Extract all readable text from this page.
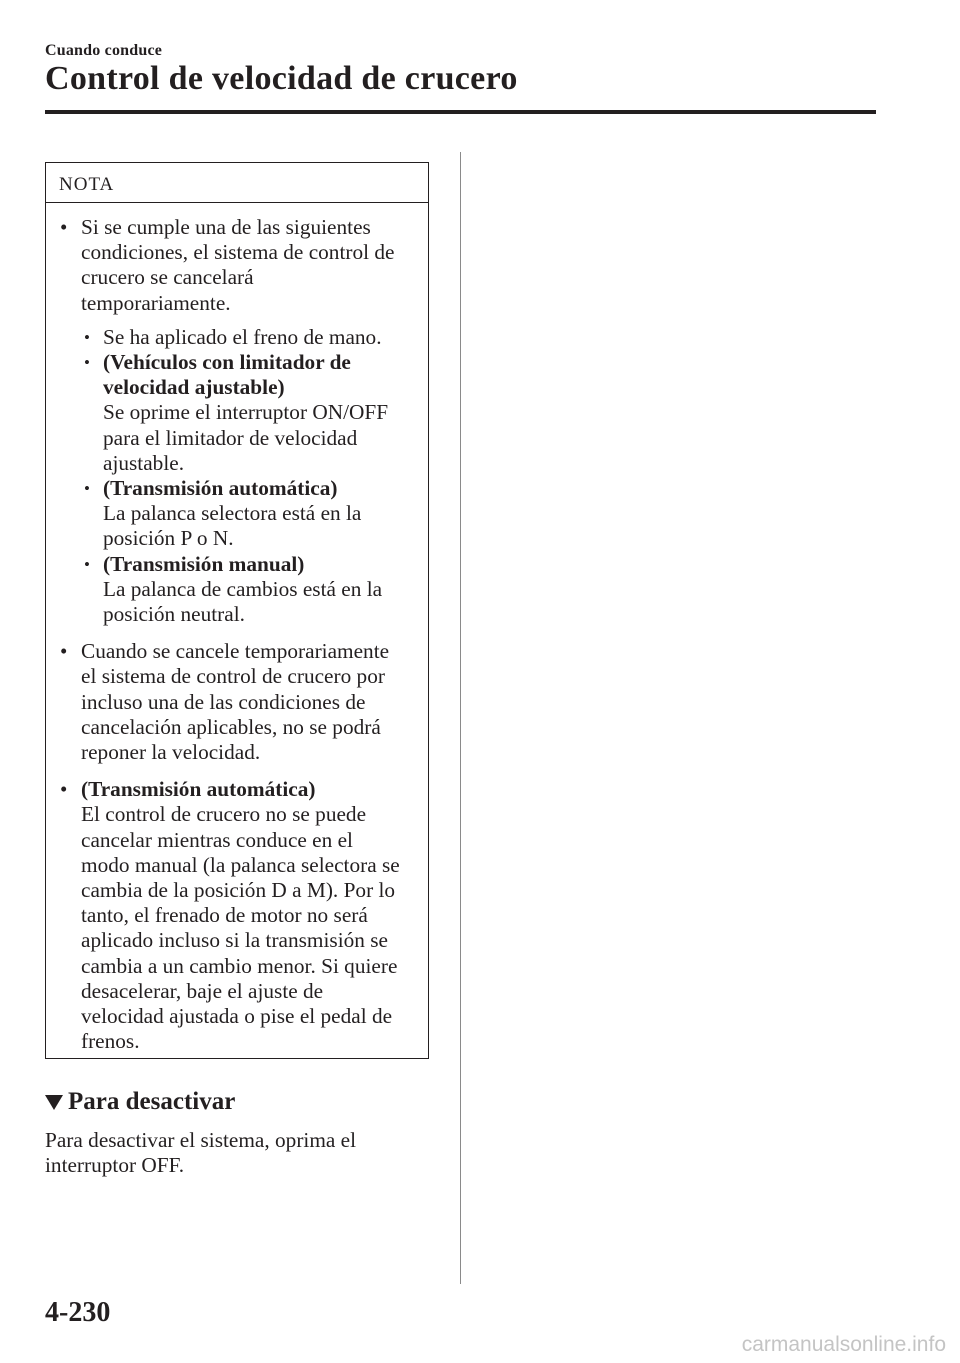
Cuando conduce
Control de velocidad de crucero
NOTA
• Si se cumple una de las siguientes
condiciones, el sistema de control de
crucero se cancelará
temporariamente.
• Se ha aplicado el freno de mano.
• (Vehículos con limitador de
velocidad ajustable)
Se oprime el interruptor ON/OFF
para el limitador de velocidad
ajustable.
• (Transmisión automática)
La palanca selectora está en la
posición P o N.
• (Transmisión manual)
La palanca de cambios está en la
posición neutral.
• Cuando se cancele temporariamente
el sistema de control de crucero por
incluso una de las condiciones de
cancelación aplicables, no se podrá
reponer la velocidad.
• (Transmisión automática)
El control de crucero no se puede
cancelar mientras conduce en el
modo manual (la palanca selectora se
cambia de la posición D a M). Por lo
tanto, el frenado de motor no será
aplicado incluso si la transmisión se
cambia a un cambio menor. Si quiere
desacelerar, baje el ajuste de
velocidad ajustada o pise el pedal de
frenos.
Para desactivar
Para desactivar el sistema, oprima el
interruptor OFF.
4-230
carmanualsonline.info
